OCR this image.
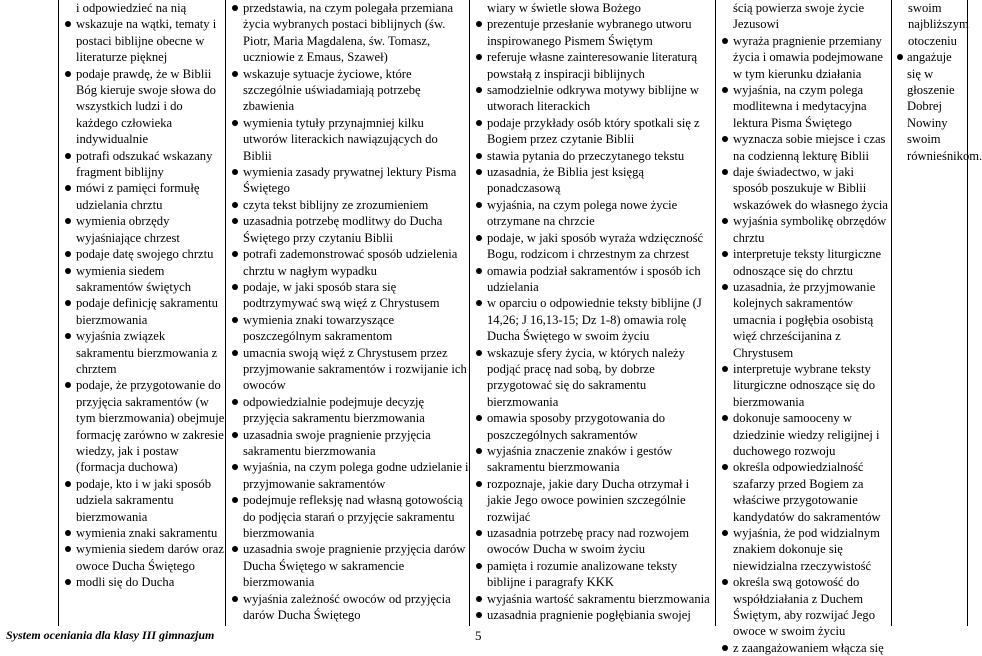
i odpowiedzieć na nią
wskazuje na wątki, tematy i postaci biblijne obecne w literaturze pięknej
podaje prawdę, że w Biblii Bóg kieruje swoje słowa do wszystkich ludzi i do każdego człowieka indywidualnie
potrafi odszukać wskazany fragment biblijny
mówi z pamięci formułę udzielania chrztu
wymienia obrzędy wyjaśniające chrzest
podaje datę swojego chrztu
wymienia siedem sakramentów świętych
podaje definicję sakramentu bierzmowania
wyjaśnia związek sakramentu bierzmowania z chrztem
podaje, że przygotowanie do przyjęcia sakramentów (w tym bierzmowania) obejmuje formację zarówno w zakresie wiedzy, jak i postaw (formacja duchowa)
podaje, kto i w jaki sposób udziela sakramentu bierzmowania
wymienia znaki sakramentu
wymienia siedem darów oraz owoce Ducha Świętego
modli się do Ducha
przedstawia, na czym polegała przemiana życia wybranych postaci biblijnych (św. Piotr, Maria Magdalena, św. Tomasz, uczniowie z Emaus, Szaweł)
wskazuje sytuacje życiowe, które szczególnie uświadamiają potrzebę zbawienia
wymienia tytuły przynajmniej kilku utworów literackich nawiązujących do Biblii
wymienia zasady prywatnej lektury Pisma Świętego
czyta tekst biblijny ze zrozumieniem
uzasadnia potrzebę modlitwy do Ducha Świętego przy czytaniu Biblii
potrafi zademonstrować sposób udzielenia chrztu w nagłym wypadku
podaje, w jaki sposób stara się podtrzymywać swą więź z Chrystusem
wymienia znaki towarzyszące poszczególnym sakramentom
umacnia swoją więź z Chrystusem przez przyjmowanie sakramentów i rozwijanie ich owoców
odpowiedzialnie podejmuje decyzję przyjęcia sakramentu bierzmowania
uzasadnia swoje pragnienie przyjęcia sakramentu bierzmowania
wyjaśnia, na czym polega godne udzielanie i przyjmowanie sakramentów
podejmuje refleksję nad własną gotowością do podjęcia starań o przyjęcie sakramentu bierzmowania
uzasadnia swoje pragnienie przyjęcia darów Ducha Świętego w sakramencie bierzmowania
wyjaśnia zależność owoców od przyjęcia darów Ducha Świętego
wiary w świetle słowa Bożego
prezentuje przesłanie wybranego utworu inspirowanego Pismem Świętym
referuje własne zainteresowanie literaturą powstałą z inspiracji biblijnych
samodzielnie odkrywa motywy biblijne w utworach literackich
podaje przykłady osób który spotkali się z Bogiem przez czytanie Biblii
stawia pytania do przeczytanego tekstu
uzasadnia, że Biblia jest księgą ponadczasową
wyjaśnia, na czym polega nowe życie otrzymane na chrzcie
podaje, w jaki sposób wyraża wdzięczność Bogu, rodzicom i chrzestnym za chrzest
omawia podział sakramentów i sposób ich udzielania
w oparciu o odpowiednie teksty biblijne (J 14,26; J 16,13-15; Dz 1-8) omawia rolę Ducha Świętego w swoim życiu
wskazuje sfery życia, w których należy podjąć pracę nad sobą, by dobrze przygotować się do sakramentu bierzmowania
omawia sposoby przygotowania do poszczególnych sakramentów
wyjaśnia znaczenie znaków i gestów sakramentu bierzmowania
rozpoznaje, jakie dary Ducha otrzymał i jakie Jego owoce powinien szczególnie rozwijać
uzasadnia potrzebę pracy nad rozwojem owoców Ducha w swoim życiu
pamięta i rozumie analizowane teksty biblijne i paragrafy KKK
wyjaśnia wartość sakramentu bierzmowania
uzasadnia pragnienie pogłębiania swojej
ścią powierza swoje życie Jezusowi
wyraża pragnienie przemiany życia i omawia podejmowane w tym kierunku działania
wyjaśnia, na czym polega modlitewna i medytacyjna lektura Pisma Świętego
wyznacza sobie miejsce i czas na codzienną lekturę Biblii
daje świadectwo, w jaki sposób poszukuje w Biblii wskazówek do własnego życia
wyjaśnia symbolikę obrzędów chrztu
interpretuje teksty liturgiczne odnoszące się do chrztu
uzasadnia, że przyjmowanie kolejnych sakramentów umacnia i pogłębia osobistą więź chrześcijanina z Chrystusem
interpretuje wybrane teksty liturgiczne odnoszące się do bierzmowania
dokonuje samooceny w dziedzinie wiedzy religijnej i duchowego rozwoju
określa odpowiedzialność szafarzy przed Bogiem za właściwe przygotowanie kandydatów do sakramentów
wyjaśnia, że pod widzialnym znakiem dokonuje się niewidzialna rzeczywistość
określa swą gotowość do współdziałania z Duchem Świętym, aby rozwijać Jego owoce w swoim życiu
z zaangażowaniem włącza się
swoim najbliższym otoczeniu
angażuje się w głoszenie Dobrej Nowiny swoim równieśnikom.
System oceniania dla klasy III gimnazjum	5
